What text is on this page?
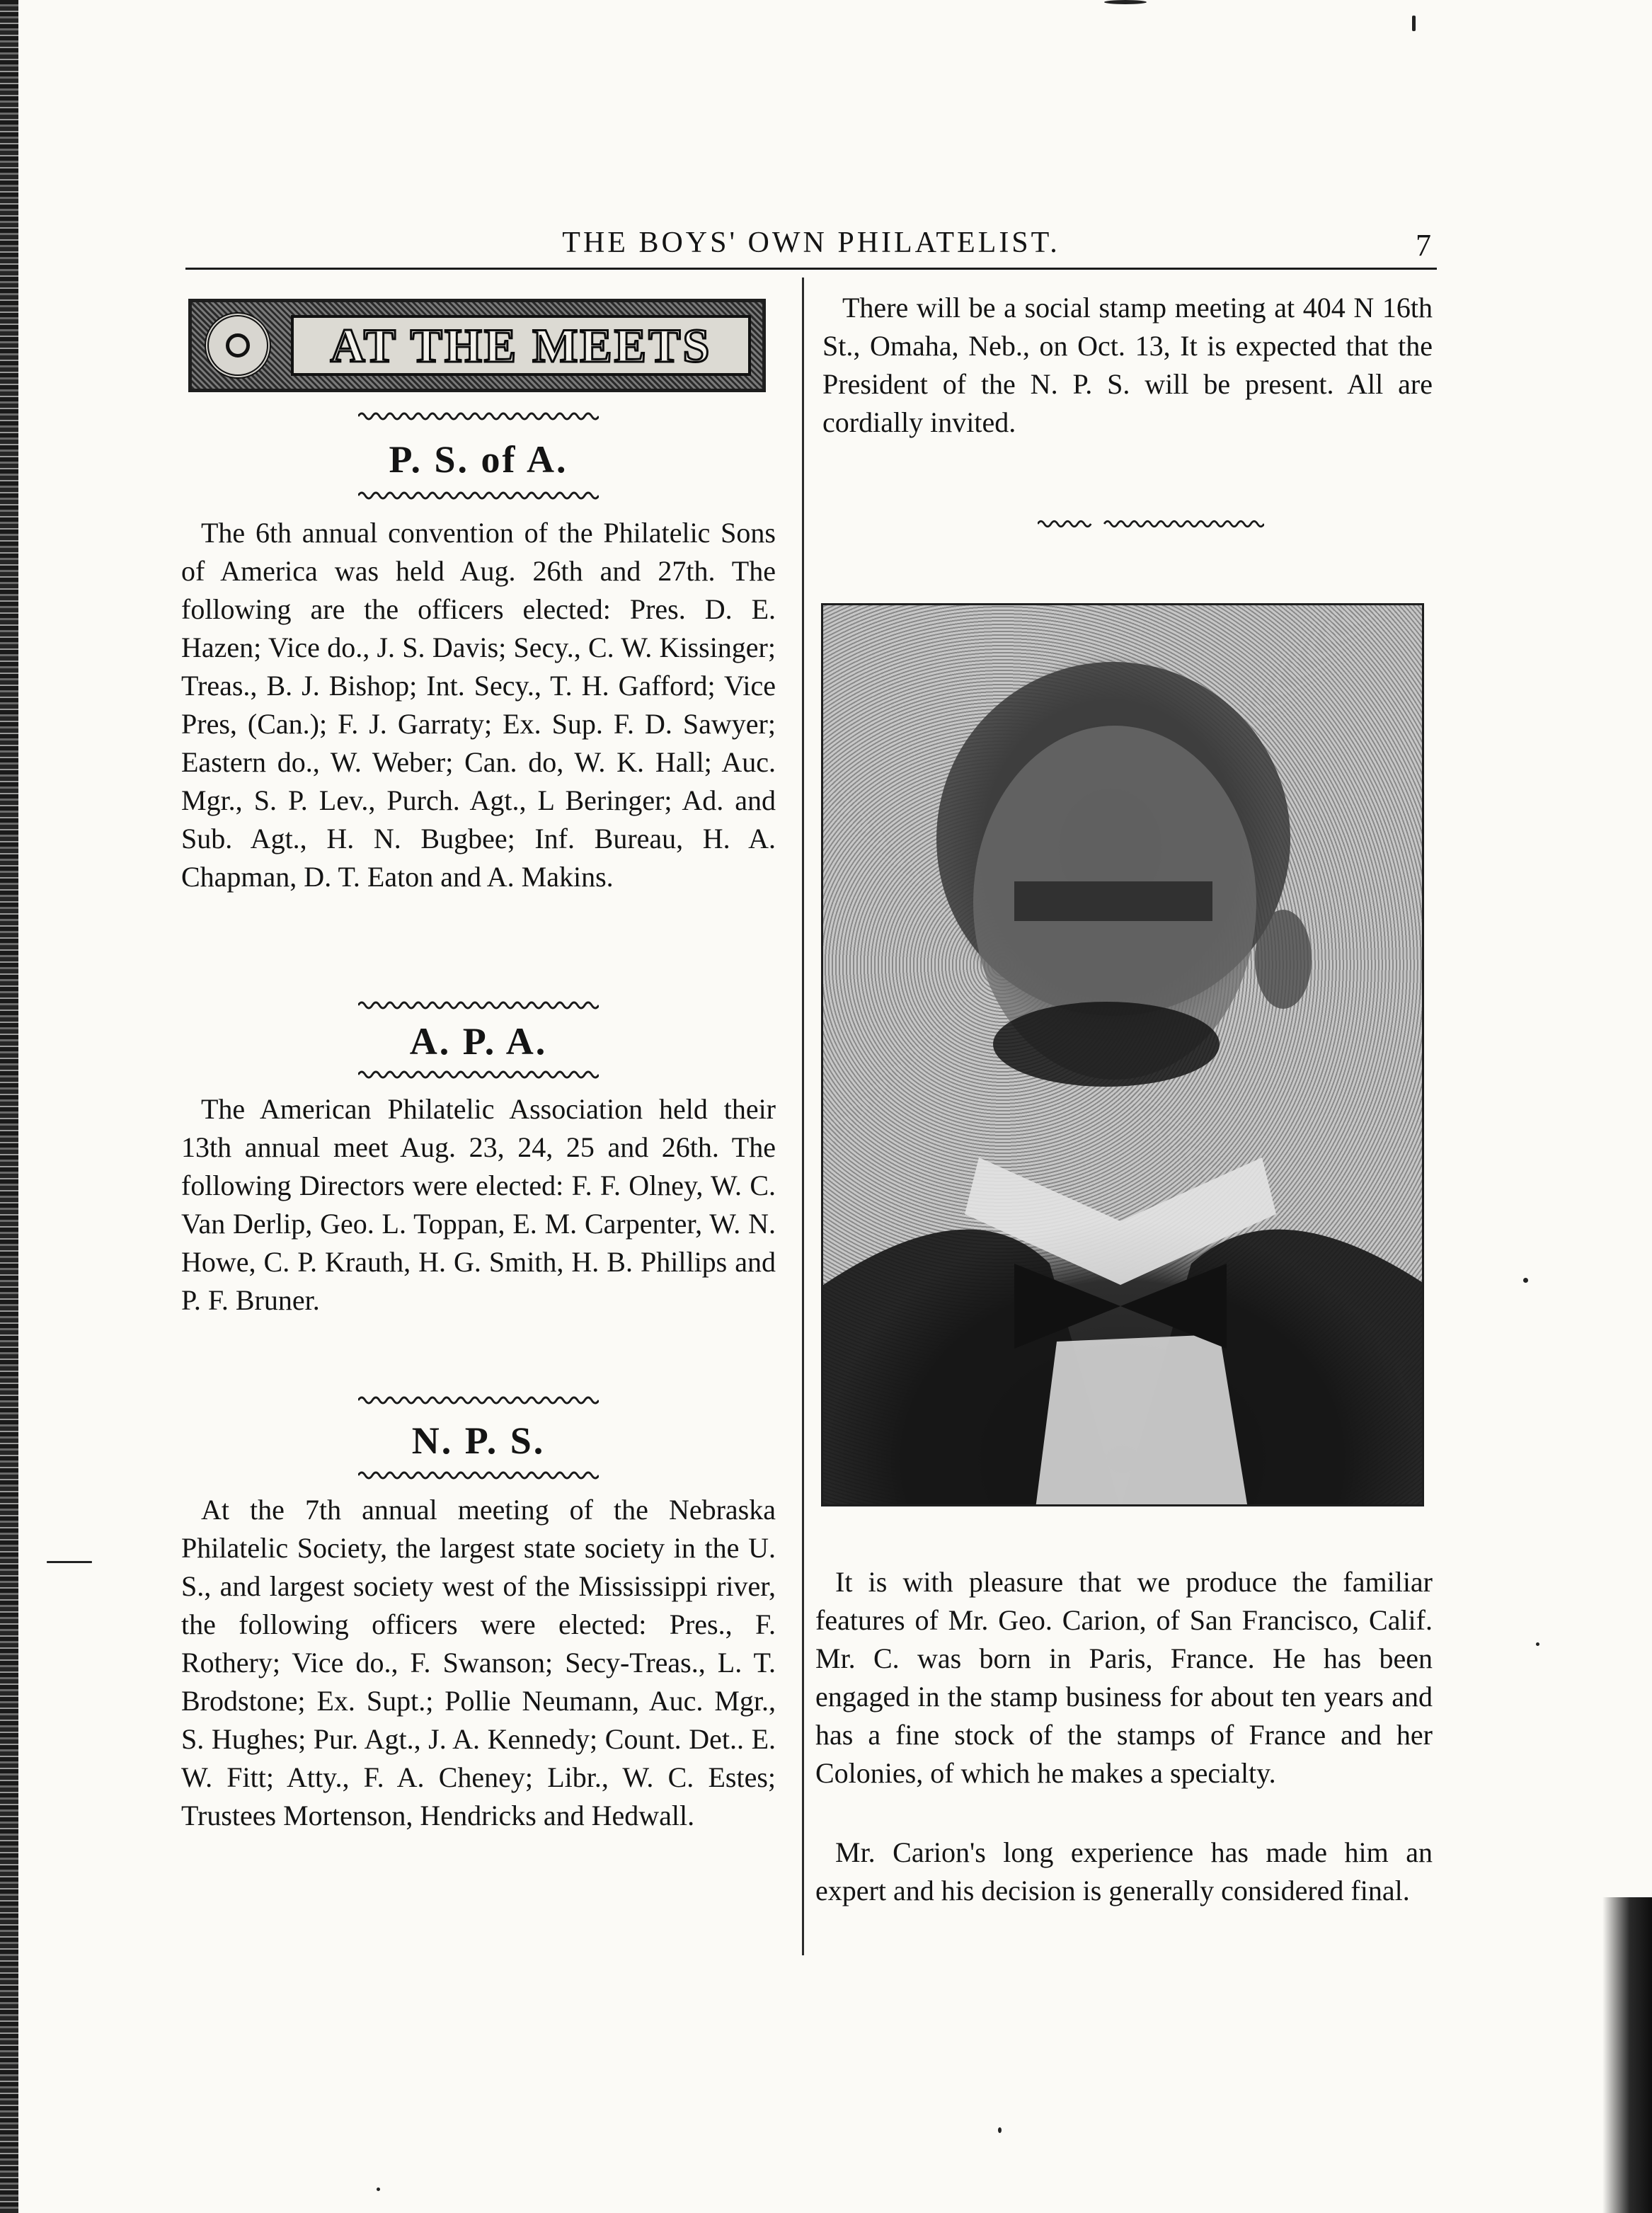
THE BOYS' OWN PHILATELIST.	7
AT THE MEETS
P. S. of A.

The 6th annual convention of the Philatelic Sons of America was held Aug. 26th and 27th. The following are the officers elected: Pres. D. E. Hazen; Vice do., J. S. Davis; Secy., C. W. Kissinger; Treas., B. J. Bishop; Int. Secy., T. H. Gafford; Vice Pres, (Can.); F. J. Garraty; Ex. Sup. F. D. Sawyer; Eastern do., W. Weber; Can. do, W. K. Hall; Auc. Mgr., S. P. Lev., Purch. Agt., L Beringer; Ad. and Sub. Agt., H. N. Bugbee; Inf. Bureau, H. A. Chapman, D. T. Eaton and A. Makins.

A. P. A.

The American Philatelic Association held their 13th annual meet Aug. 23, 24, 25 and 26th. The following Directors were elected: F. F. Olney, W. C. Van Derlip, Geo. L. Toppan, E. M. Carpenter, W. N. Howe, C. P. Krauth, H. G. Smith, H. B. Phillips and P. F. Bruner.

N. P. S.

At the 7th annual meeting of the Nebraska Philatelic Society, the largest state society in the U. S., and largest society west of the Mississippi river, the following officers were elected: Pres., F. Rothery; Vice do., F. Swanson; Secy-Treas., L. T. Brodstone; Ex. Supt.; Pollie Neumann, Auc. Mgr., S. Hughes; Pur. Agt., J. A. Kennedy; Count. Det.. E. W. Fitt; Atty., F. A. Cheney; Libr., W. C. Estes; Trustees Mortenson, Hendricks and Hedwall.

There will be a social stamp meeting at 404 N 16th St., Omaha, Neb., on Oct. 13, It is expected that the President of the N. P. S. will be present. All are cordially invited.

It is with pleasure that we produce the familiar features of Mr. Geo. Carion, of San Francisco, Calif. Mr. C. was born in Paris, France. He has been engaged in the stamp business for about ten years and has a fine stock of the stamps of France and her Colonies, of which he makes a specialty.

Mr. Carion's long experience has made him an expert and his decision is generally considered final.
